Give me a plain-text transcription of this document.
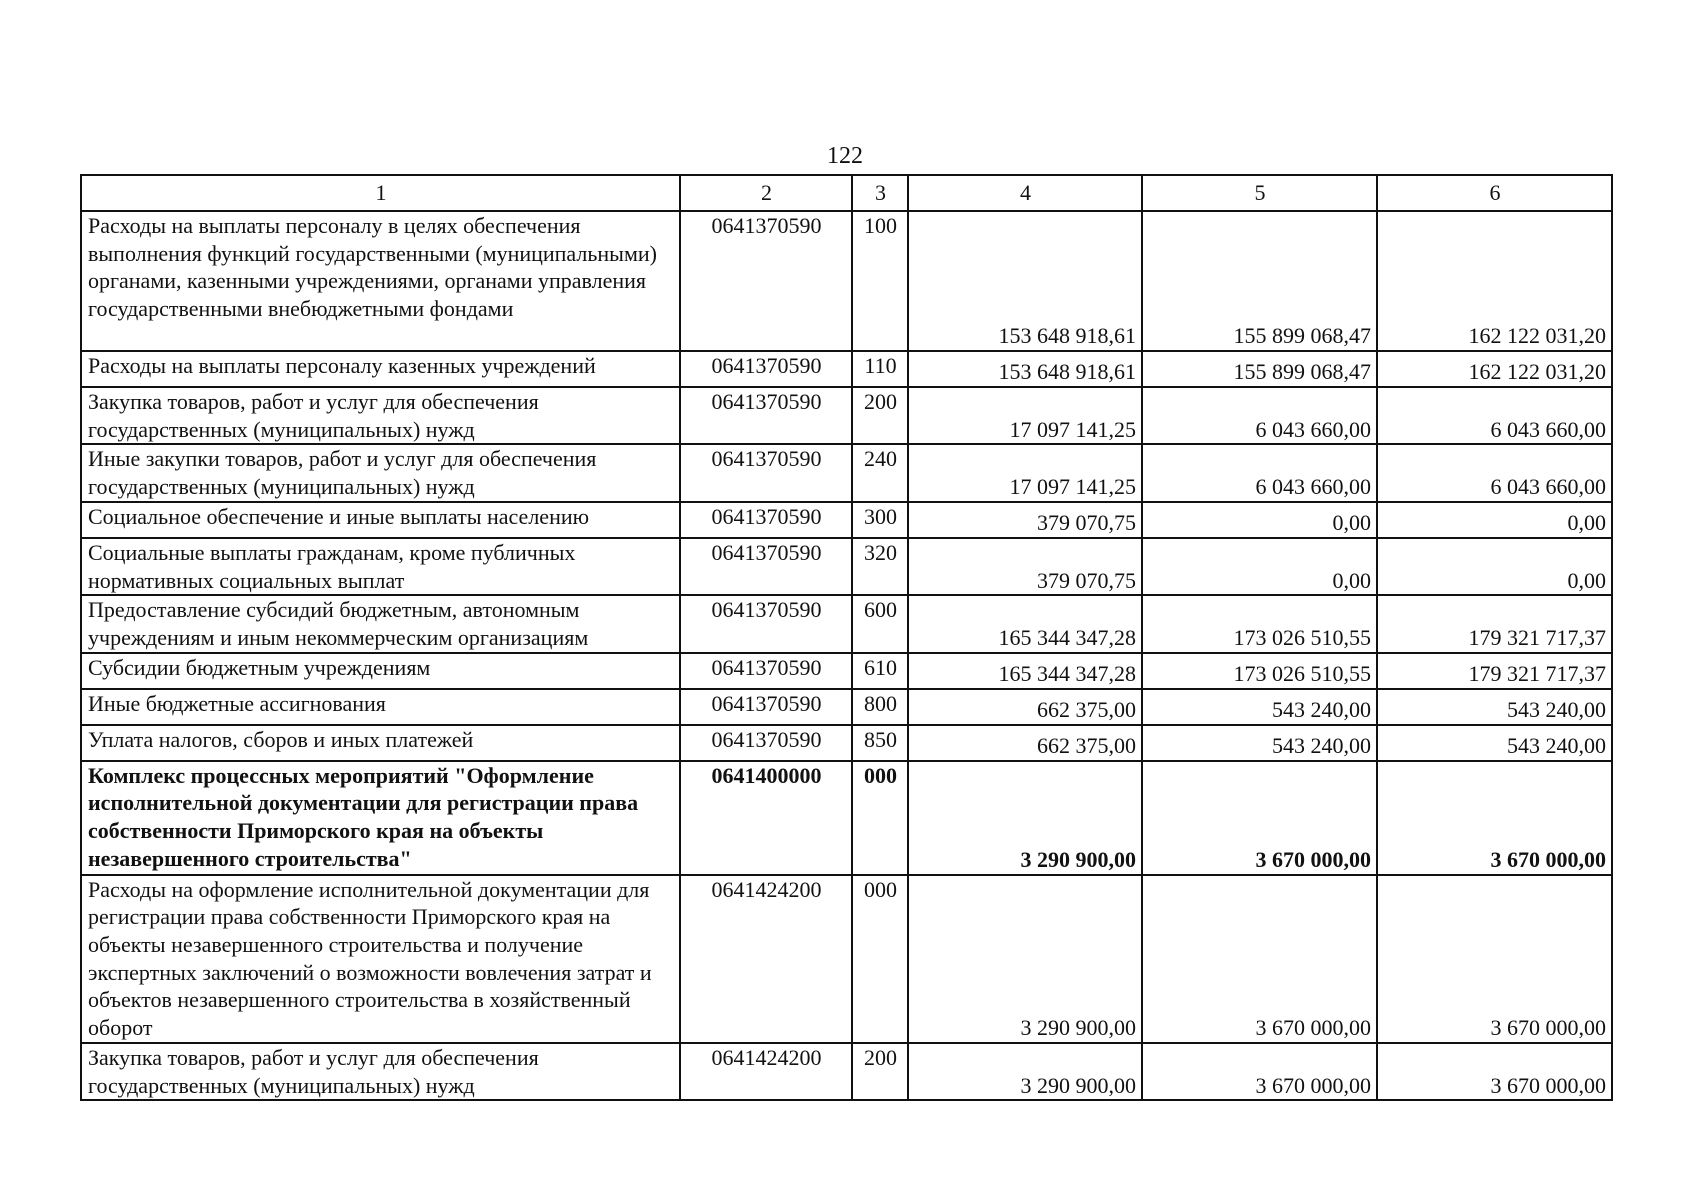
122
1	2	3	4	5	6
Расходы на выплаты персоналу в целях обеспечения выполнения функций государственными (муниципальными) органами, казенными учреждениями, органами управления государственными внебюджетными фондами	0641370590	100	153 648 918,61	155 899 068,47	162 122 031,20
Расходы на выплаты персоналу казенных учреждений	0641370590	110	153 648 918,61	155 899 068,47	162 122 031,20
Закупка товаров, работ и услуг для обеспечения государственных (муниципальных) нужд	0641370590	200	17 097 141,25	6 043 660,00	6 043 660,00
Иные закупки товаров, работ и услуг для обеспечения государственных (муниципальных) нужд	0641370590	240	17 097 141,25	6 043 660,00	6 043 660,00
Социальное обеспечение и иные выплаты населению	0641370590	300	379 070,75	0,00	0,00
Социальные выплаты гражданам, кроме публичных нормативных социальных выплат	0641370590	320	379 070,75	0,00	0,00
Предоставление субсидий бюджетным, автономным учреждениям и иным некоммерческим организациям	0641370590	600	165 344 347,28	173 026 510,55	179 321 717,37
Субсидии бюджетным учреждениям	0641370590	610	165 344 347,28	173 026 510,55	179 321 717,37
Иные бюджетные ассигнования	0641370590	800	662 375,00	543 240,00	543 240,00
Уплата налогов, сборов и иных платежей	0641370590	850	662 375,00	543 240,00	543 240,00
Комплекс процессных мероприятий "Оформление исполнительной документации для регистрации права собственности Приморского края на объекты незавершенного строительства"	0641400000	000	3 290 900,00	3 670 000,00	3 670 000,00
Расходы на оформление исполнительной документации для регистрации права собственности Приморского края на объекты незавершенного строительства и получение экспертных заключений о возможности вовлечения затрат и объектов незавершенного строительства в хозяйственный оборот	0641424200	000	3 290 900,00	3 670 000,00	3 670 000,00
Закупка товаров, работ и услуг для обеспечения государственных (муниципальных) нужд	0641424200	200	3 290 900,00	3 670 000,00	3 670 000,00
